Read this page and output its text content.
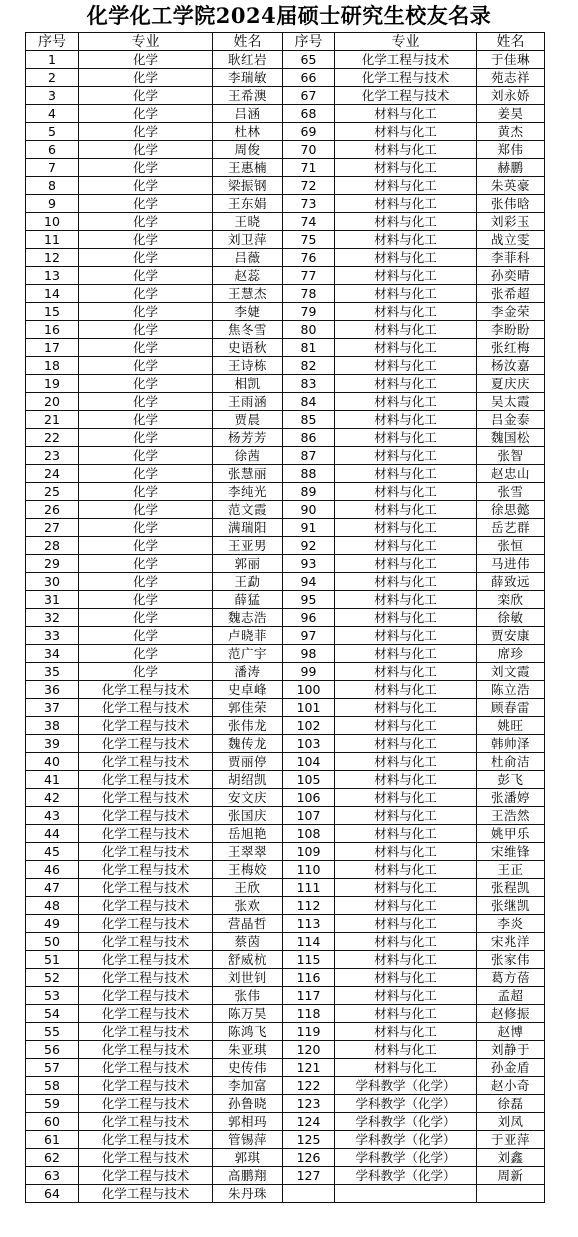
化学化工学院2024届硕士研究生校友名录
序号	专业	姓名	序号	专业	姓名
1	化学	耿红岩	65	化学工程与技术	于佳琳
2	化学	李瑞敏	66	化学工程与技术	苑志祥
3	化学	王希澳	67	化学工程与技术	刘永娇
4	化学	吕涵	68	材料与化工	姜昊
5	化学	杜林	69	材料与化工	黄杰
6	化学	周俊	70	材料与化工	郑伟
7	化学	王惠楠	71	材料与化工	赫鹏
8	化学	梁振钢	72	材料与化工	朱英豪
9	化学	王东娟	73	材料与化工	张伟晗
10	化学	王晓	74	材料与化工	刘彩玉
11	化学	刘卫萍	75	材料与化工	战立雯
12	化学	吕薇	76	材料与化工	李菲科
13	化学	赵蕊	77	材料与化工	孙奕晴
14	化学	王慧杰	78	材料与化工	张希超
15	化学	李婕	79	材料与化工	李金荣
16	化学	焦冬雪	80	材料与化工	李盼盼
17	化学	史语秋	81	材料与化工	张红梅
18	化学	王诗栋	82	材料与化工	杨汝嘉
19	化学	相凯	83	材料与化工	夏庆庆
20	化学	王雨涵	84	材料与化工	吴太霞
21	化学	贾晨	85	材料与化工	吕金泰
22	化学	杨芳芳	86	材料与化工	魏国松
23	化学	徐茜	87	材料与化工	张智
24	化学	张慧丽	88	材料与化工	赵忠山
25	化学	李纯光	89	材料与化工	张雪
26	化学	范文霞	90	材料与化工	徐思懿
27	化学	满瑞阳	91	材料与化工	岳艺群
28	化学	王亚男	92	材料与化工	张恒
29	化学	郭丽	93	材料与化工	马进伟
30	化学	王勐	94	材料与化工	薛致远
31	化学	薛猛	95	材料与化工	栾欣
32	化学	魏志浩	96	材料与化工	徐敏
33	化学	卢晓菲	97	材料与化工	贾安康
34	化学	范广宇	98	材料与化工	席珍
35	化学	潘涛	99	材料与化工	刘文霞
36	化学工程与技术	史卓峰	100	材料与化工	陈立浩
37	化学工程与技术	郭佳荣	101	材料与化工	顾春雷
38	化学工程与技术	张伟龙	102	材料与化工	姚旺
39	化学工程与技术	魏传龙	103	材料与化工	韩帅泽
40	化学工程与技术	贾丽停	104	材料与化工	杜俞洁
41	化学工程与技术	胡绍凯	105	材料与化工	彭飞
42	化学工程与技术	安文庆	106	材料与化工	张潘婷
43	化学工程与技术	张国庆	107	材料与化工	王浩然
44	化学工程与技术	岳旭艳	108	材料与化工	姚甲乐
45	化学工程与技术	王翠翠	109	材料与化工	宋维锋
46	化学工程与技术	王梅姣	110	材料与化工	王正
47	化学工程与技术	王欣	111	材料与化工	张程凯
48	化学工程与技术	张欢	112	材料与化工	张继凯
49	化学工程与技术	营晶哲	113	材料与化工	李炎
50	化学工程与技术	蔡茵	114	材料与化工	宋兆洋
51	化学工程与技术	舒威杭	115	材料与化工	张家伟
52	化学工程与技术	刘世钊	116	材料与化工	葛方蓓
53	化学工程与技术	张伟	117	材料与化工	孟超
54	化学工程与技术	陈万昊	118	材料与化工	赵修振
55	化学工程与技术	陈鸿飞	119	材料与化工	赵博
56	化学工程与技术	朱亚琪	120	材料与化工	刘静于
57	化学工程与技术	史传伟	121	材料与化工	孙金盾
58	化学工程与技术	李加富	122	学科教学（化学）	赵小奇
59	化学工程与技术	孙鲁晓	123	学科教学（化学）	徐磊
60	化学工程与技术	郭相玛	124	学科教学（化学）	刘凤
61	化学工程与技术	管锡萍	125	学科教学（化学）	于亚萍
62	化学工程与技术	郭琪	126	学科教学（化学）	刘鑫
63	化学工程与技术	高鹏翔	127	学科教学（化学）	周新
64	化学工程与技术	朱丹珠			
